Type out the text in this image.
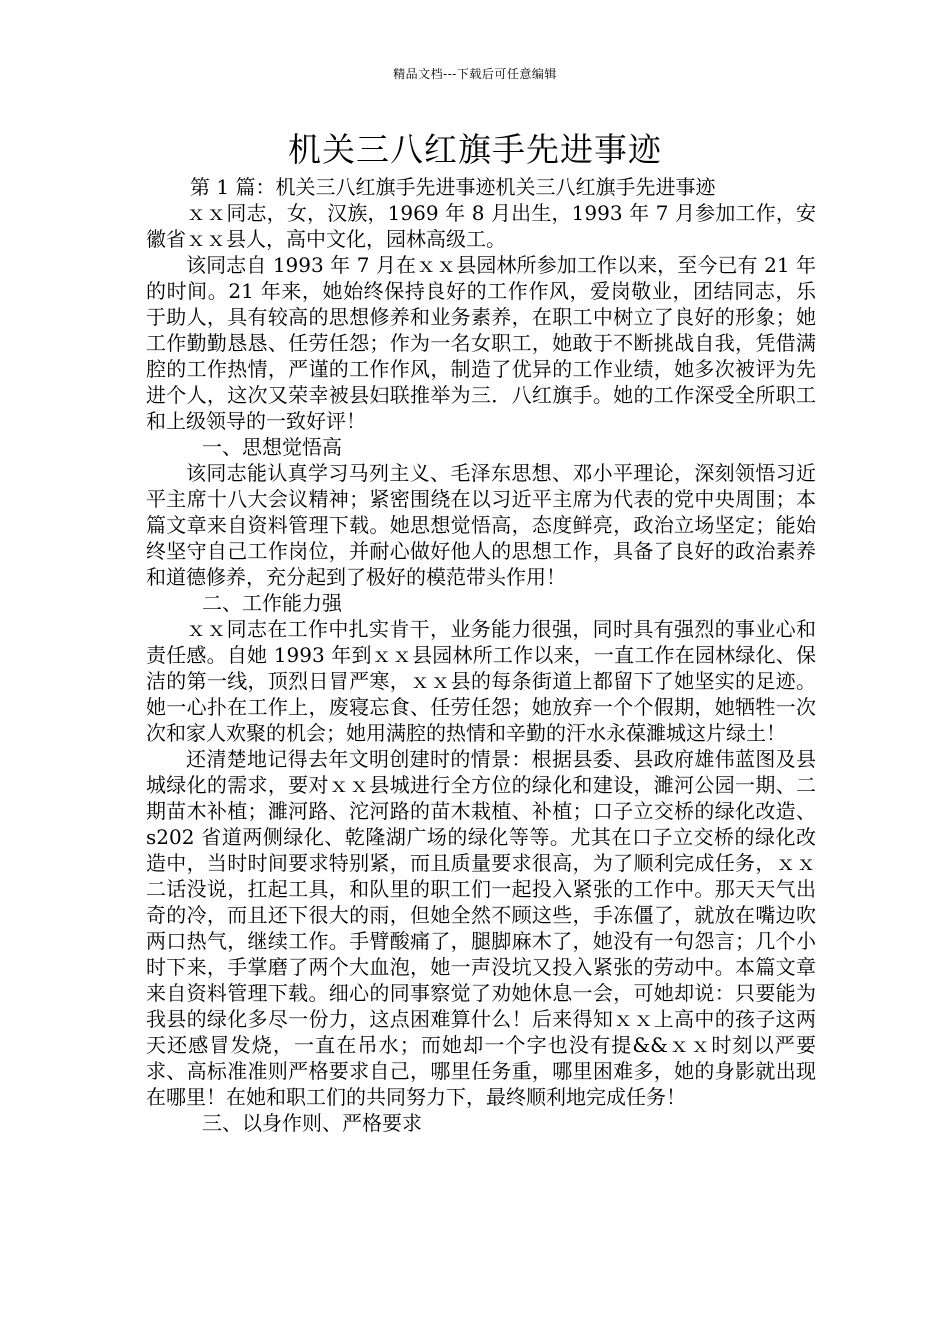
精品文档---下载后可任意编辑
机关三八红旗手先进事迹

第 1 篇：机关三八红旗手先进事迹机关三八红旗手先进事迹

ｘｘ同志，女，汉族，1969 年 8 月出生，1993 年 7 月参加工作，安徽省ｘｘ县人，高中文化，园林高级工。

该同志自 1993 年 7 月在ｘｘ县园林所参加工作以来，至今已有 21 年的时间。21 年来，她始终保持良好的工作作风，爱岗敬业，团结同志，乐于助人，具有较高的思想修养和业务素养，在职工中树立了良好的形象；她工作勤勤恳恳、任劳任怨；作为一名女职工，她敢于不断挑战自我，凭借满腔的工作热情，严谨的工作作风，制造了优异的工作业绩，她多次被评为先进个人，这次又荣幸被县妇联推举为三．八红旗手。她的工作深受全所职工和上级领导的一致好评！

一、思想觉悟高

该同志能认真学习马列主义、毛泽东思想、邓小平理论，深刻领悟习近平主席十八大会议精神；紧密围绕在以习近平主席为代表的党中央周围；本篇文章来自资料管理下载。她思想觉悟高，态度鲜亮，政治立场坚定；能始终坚守自己工作岗位，并耐心做好他人的思想工作，具备了良好的政治素养和道德修养，充分起到了极好的模范带头作用！

二、工作能力强

ｘｘ同志在工作中扎实肯干，业务能力很强，同时具有强烈的事业心和责任感。自她 1993 年到ｘｘ县园林所工作以来，一直工作在园林绿化、保洁的第一线，顶烈日冒严寒，ｘｘ县的每条街道上都留下了她坚实的足迹。她一心扑在工作上，废寝忘食、任劳任怨；她放弃一个个假期，她牺牲一次次和家人欢聚的机会；她用满腔的热情和辛勤的汗水永葆濉城这片绿土！

还清楚地记得去年文明创建时的情景：根据县委、县政府雄伟蓝图及县城绿化的需求，要对ｘｘ县城进行全方位的绿化和建设，濉河公园一期、二期苗木补植；濉河路、沱河路的苗木栽植、补植；口子立交桥的绿化改造、s202 省道两侧绿化、乾隆湖广场的绿化等等。尤其在口子立交桥的绿化改造中，当时时间要求特别紧，而且质量要求很高，为了顺利完成任务，ｘｘ二话没说，扛起工具，和队里的职工们一起投入紧张的工作中。那天天气出奇的冷，而且还下很大的雨，但她全然不顾这些，手冻僵了，就放在嘴边吹两口热气，继续工作。手臂酸痛了，腿脚麻木了，她没有一句怨言；几个小时下来，手掌磨了两个大血泡，她一声没坑又投入紧张的劳动中。本篇文章来自资料管理下载。细心的同事察觉了劝她休息一会，可她却说：只要能为我县的绿化多尽一份力，这点困难算什么！后来得知ｘｘ上高中的孩子这两天还感冒发烧，一直在吊水；而她却一个字也没有提&&ｘｘ时刻以严要求、高标准准则严格要求自己，哪里任务重，哪里困难多，她的身影就出现在哪里！在她和职工们的共同努力下，最终顺利地完成任务！

三、以身作则、严格要求
